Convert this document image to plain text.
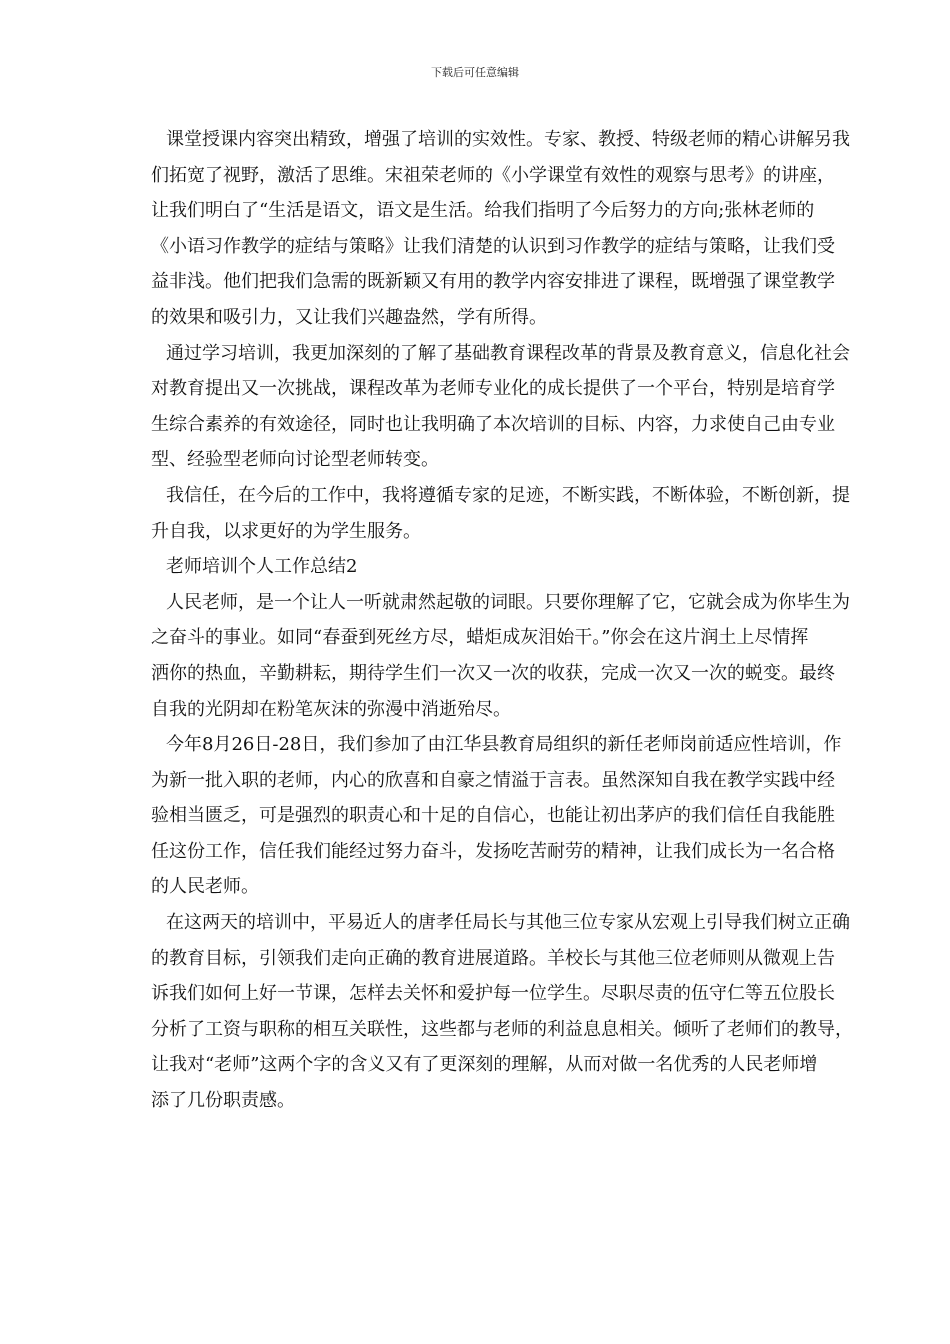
下载后可任意编辑
课堂授课内容突出精致，增强了培训的实效性。专家、教授、特级老师的精心讲解另我
们拓宽了视野，激活了思维。宋祖荣老师的《小学课堂有效性的观察与思考》的讲座，
让我们明白了“生活是语文，语文是生活。给我们指明了今后努力的方向;张林老师的
《小语习作教学的症结与策略》让我们清楚的认识到习作教学的症结与策略，让我们受
益非浅。他们把我们急需的既新颖又有用的教学内容安排进了课程，既增强了课堂教学
的效果和吸引力，又让我们兴趣盎然，学有所得。
通过学习培训，我更加深刻的了解了基础教育课程改革的背景及教育意义，信息化社会
对教育提出又一次挑战，课程改革为老师专业化的成长提供了一个平台，特别是培育学
生综合素养的有效途径，同时也让我明确了本次培训的目标、内容，力求使自己由专业
型、经验型老师向讨论型老师转变。
我信任，在今后的工作中，我将遵循专家的足迹，不断实践，不断体验，不断创新，提
升自我，以求更好的为学生服务。
老师培训个人工作总结2
人民老师，是一个让人一听就肃然起敬的词眼。只要你理解了它，它就会成为你毕生为
之奋斗的事业。如同“春蚕到死丝方尽，蜡炬成灰泪始干。”你会在这片润土上尽情挥
洒你的热血，辛勤耕耘，期待学生们一次又一次的收获，完成一次又一次的蜕变。最终
自我的光阴却在粉笔灰沫的弥漫中消逝殆尽。
今年8月26日-28日，我们参加了由江华县教育局组织的新任老师岗前适应性培训，作
为新一批入职的老师，内心的欣喜和自豪之情溢于言表。虽然深知自我在教学实践中经
验相当匮乏，可是强烈的职责心和十足的自信心，也能让初出茅庐的我们信任自我能胜
任这份工作，信任我们能经过努力奋斗，发扬吃苦耐劳的精神，让我们成长为一名合格
的人民老师。
在这两天的培训中，平易近人的唐孝任局长与其他三位专家从宏观上引导我们树立正确
的教育目标，引领我们走向正确的教育进展道路。羊校长与其他三位老师则从微观上告
诉我们如何上好一节课，怎样去关怀和爱护每一位学生。尽职尽责的伍守仁等五位股长
分析了工资与职称的相互关联性，这些都与老师的利益息息相关。倾听了老师们的教导，
让我对“老师”这两个字的含义又有了更深刻的理解，从而对做一名优秀的人民老师增
添了几份职责感。
